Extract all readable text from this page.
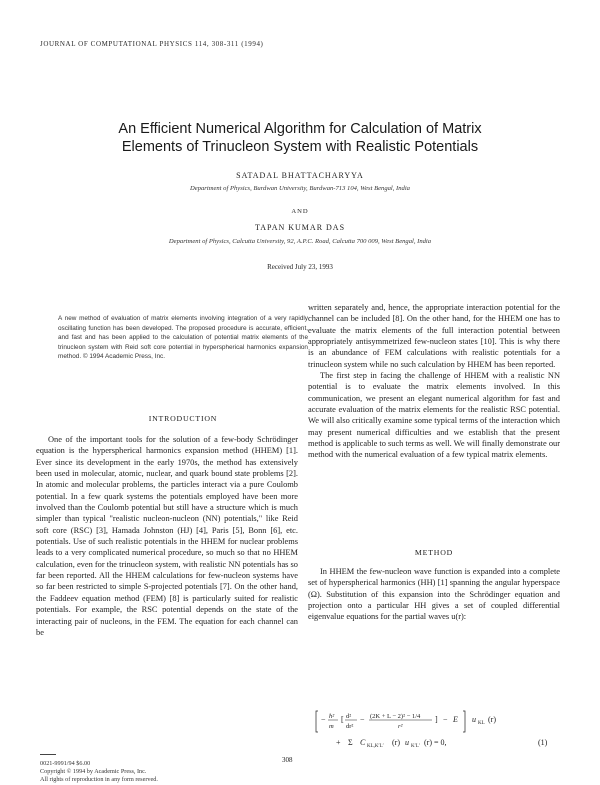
JOURNAL OF COMPUTATIONAL PHYSICS 114, 308-311 (1994)
An Efficient Numerical Algorithm for Calculation of Matrix
Elements of Trinucleon System with Realistic Potentials
SATADAL BHATTACHARYYA
Department of Physics, Burdwan University, Burdwan-713 104, West Bengal, India
AND
TAPAN KUMAR DAS
Department of Physics, Calcutta University, 92, A.P.C. Road, Calcutta 700 009, West Bengal, India
Received July 23, 1993
A new method of evaluation of matrix elements involving integration of a very rapidly oscillating function has been developed. The proposed procedure is accurate, efficient, and fast and has been applied to the calculation of potential matrix elements of the trinucleon system with Reid soft core potential in hyperspherical harmonics expansion method. © 1994 Academic Press, Inc.
INTRODUCTION

One of the important tools for the solution of a few-body Schrödinger equation is the hyperspherical harmonics expansion method (HHEM) [1]. Ever since its development in the early 1970s, the method has extensively been used in molecular, atomic, nuclear, and quark bound state problems [2]. In atomic and molecular problems, the particles interact via a pure Coulomb potential. In a few quark systems the potentials employed have been more involved than the Coulomb potential but still have a structure which is much simpler than typical "realistic nucleon-nucleon (NN) potentials," like Reid soft core (RSC) [3], Hamada Johnston (HJ) [4], Paris [5], Bonn [6], etc. potentials. Use of such realistic potentials in the HHEM for nuclear problems leads to a very complicated numerical procedure, so much so that no HHEM calculation, even for the trinucleon system, with realistic NN potentials has so far been reported. All the HHEM calculations for few-nucleon systems have so far been restricted to simple S-projected potentials [7]. On the other hand, the Faddeev equation method (FEM) [8] is particularly suited for realistic potentials. For example, the RSC potential depends on the state of the interacting pair of nucleons, in the FEM. The equation for each channel can be

written separately and, hence, the appropriate interaction potential for the channel can be included [8]. On the other hand, for the HHEM one has to evaluate the matrix elements of the full interaction potential between appropriately antisymmetrized few-nucleon states [10]. This is why there is an abundance of FEM calculations with realistic potentials for a trinucleon system while no such calculation by HHEM has been reported.

The first step in facing the challenge of HHEM with a realistic NN potential is to evaluate the matrix elements involved. In this communication, we present an elegant numerical algorithm for fast and accurate evaluation of the matrix elements for the realistic RSC potential. We will also critically examine some typical terms of the interaction which may present numerical difficulties and we establish that the present method is applicable to such terms as well. We will finally demonstrate our method with the numerical evaluation of a few typical matrix elements.

METHOD

In HHEM the few-nucleon wave function is expanded into a complete set of hyperspherical harmonics (HH) [1] spanning the angular hyperspace (Ω). Substitution of this expansion into the Schrödinger equation and projection onto a particular HH gives a set of coupled differential eigenvalue equations for the partial waves u(r):

− ħ²
m
[ d²
dr²
− (2K + L − 2)² − 1/4
r²
] − E u KL (r)
+ Σ C KL,K′L′ (r) u K′L′ (r) = 0,	(1)
308
0021-9991/94 $6.00
Copyright © 1994 by Academic Press, Inc.
All rights of reproduction in any form reserved.
